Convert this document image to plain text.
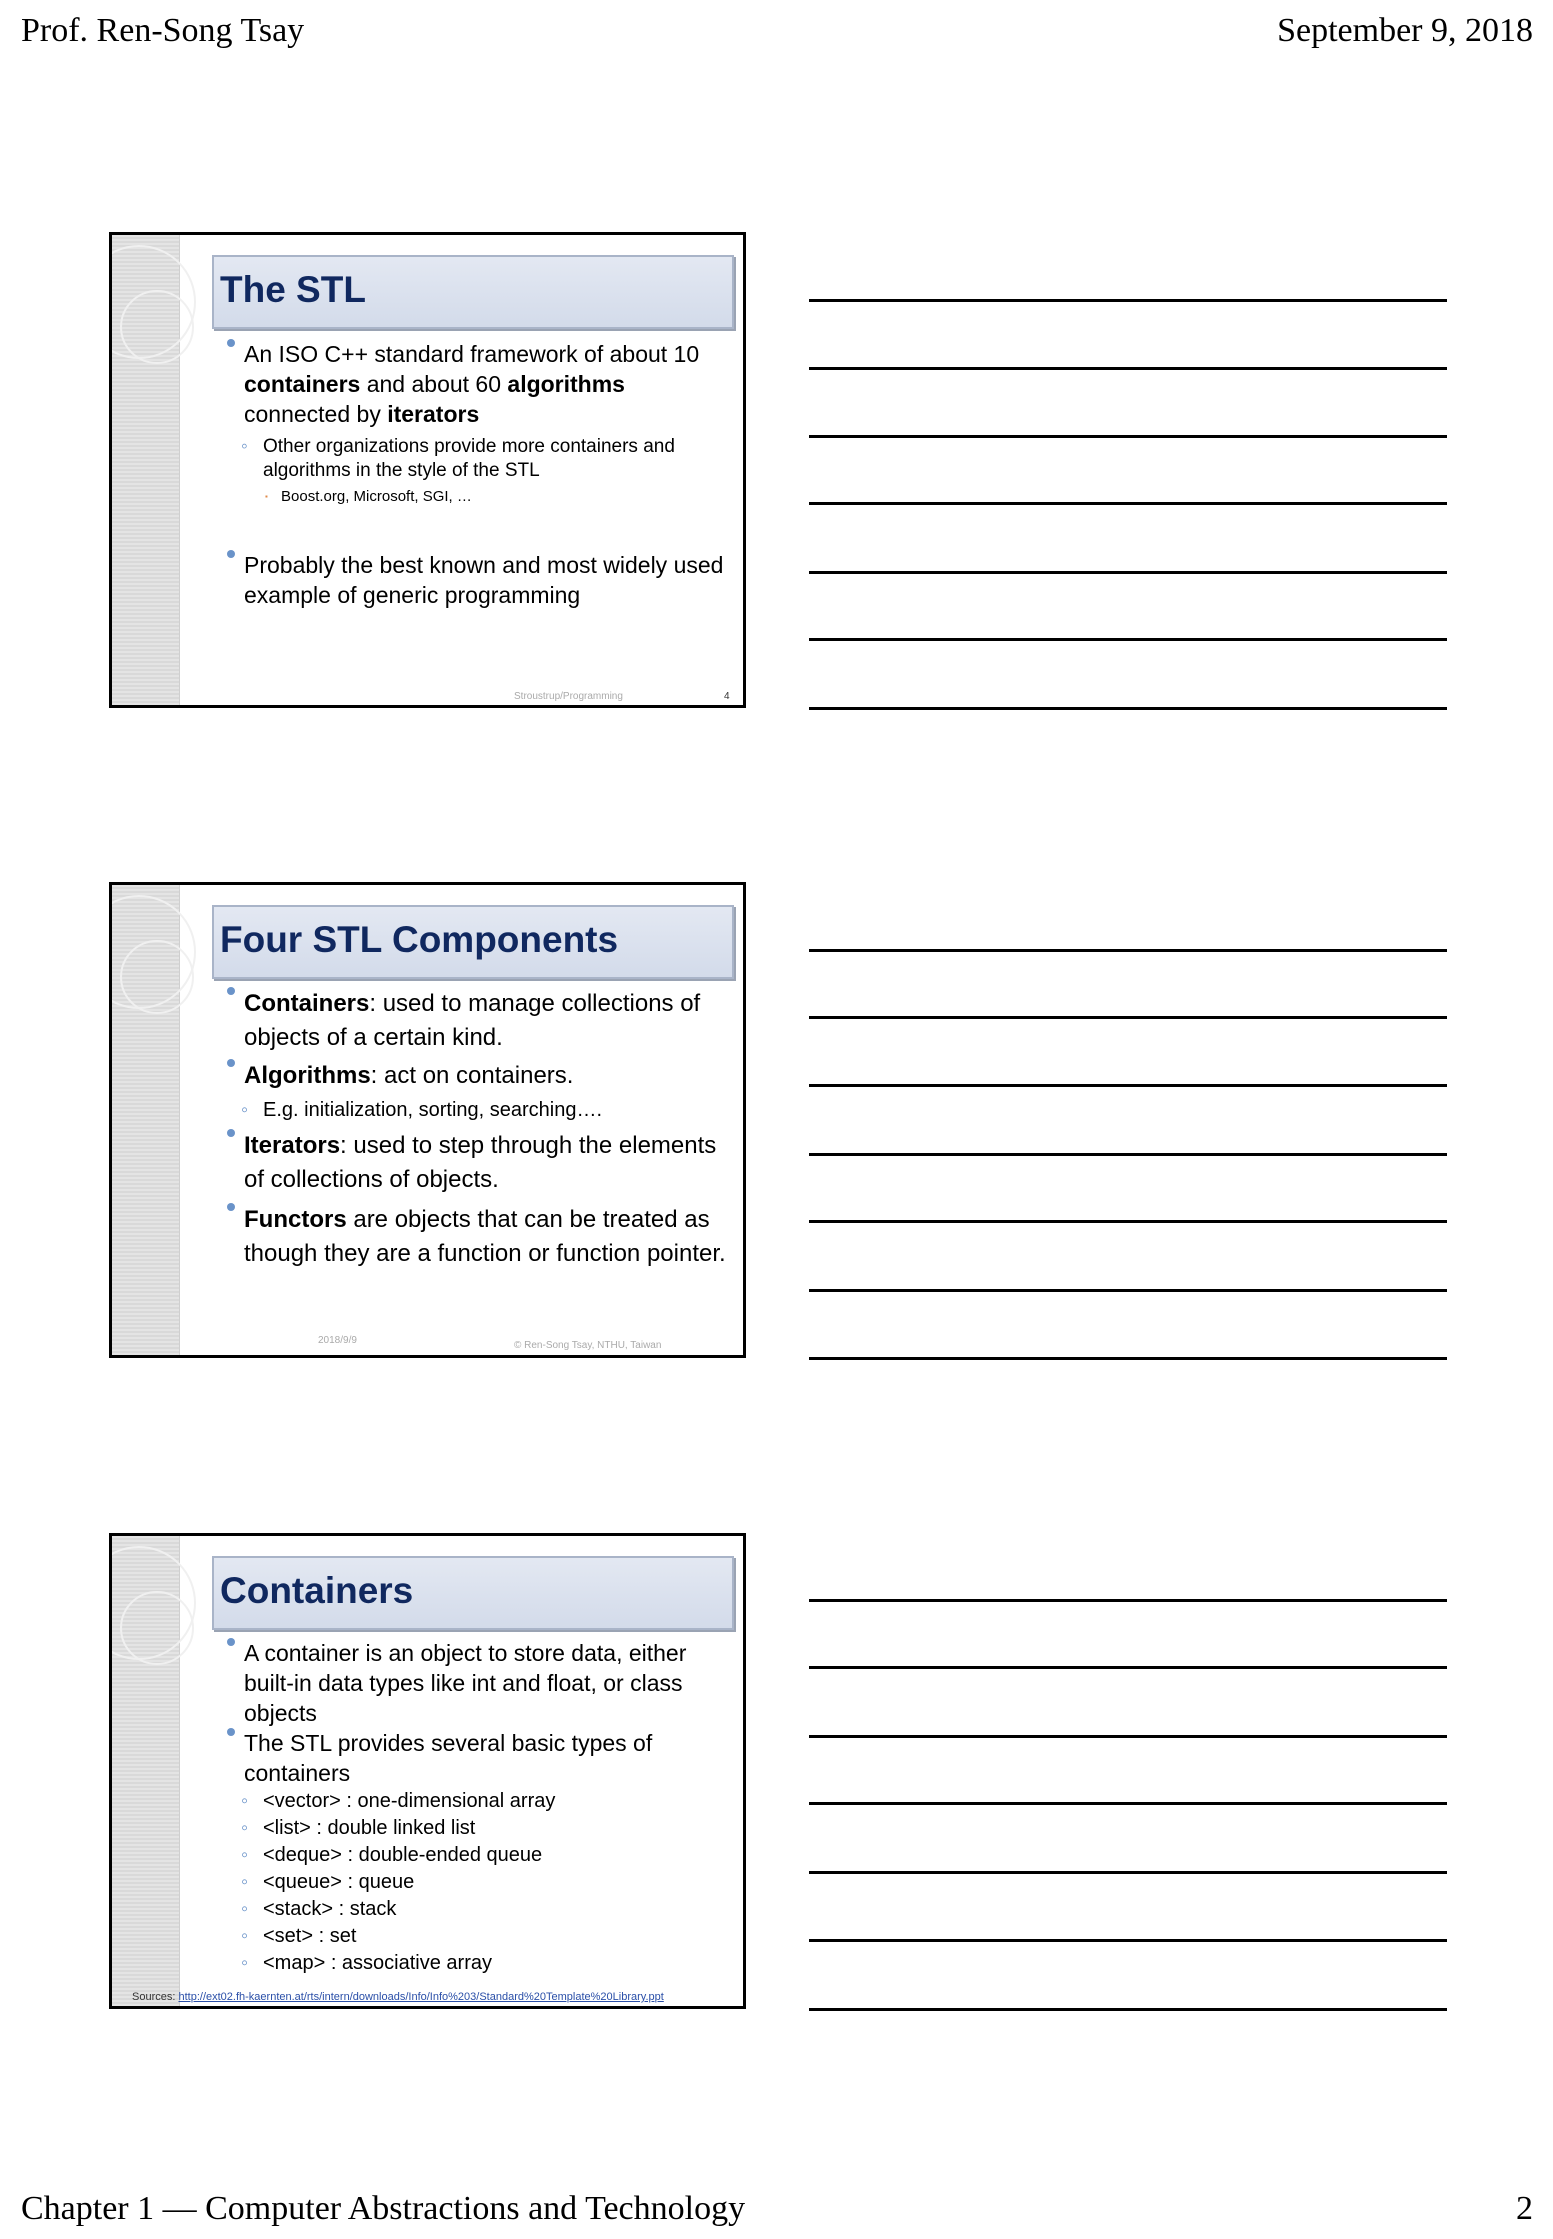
Prof. Ren-Song Tsay	September 9, 2018
The STL
An ISO C++ standard framework of about 10 containers and about 60 algorithms connected by iterators
◦ Other organizations provide more containers and algorithms in the style of the STL
▪ Boost.org, Microsoft, SGI, …
Probably the best known and most widely used example of generic programming
Stroustrup/Programming	4
Four STL Components
Containers: used to manage collections of objects of a certain kind.
Algorithms: act on containers.
◦ E.g. initialization, sorting, searching….
Iterators: used to step through the elements of collections of objects.
Functors are objects that can be treated as though they are a function or function pointer.
2018/9/9	© Ren-Song Tsay, NTHU, Taiwan
Containers
A container is an object to store data, either built-in data types like int and float, or class objects
The STL provides several basic types of containers
◦ <vector> : one-dimensional array
◦ <list> : double linked list
◦ <deque> : double-ended queue
◦ <queue> : queue
◦ <stack> : stack
◦ <set> : set
◦ <map> : associative array
Sources: http://ext02.fh-kaernten.at/rts/intern/downloads/Info/Info%203/Standard%20Template%20Library.ppt
Chapter 1 — Computer Abstractions and Technology	2
